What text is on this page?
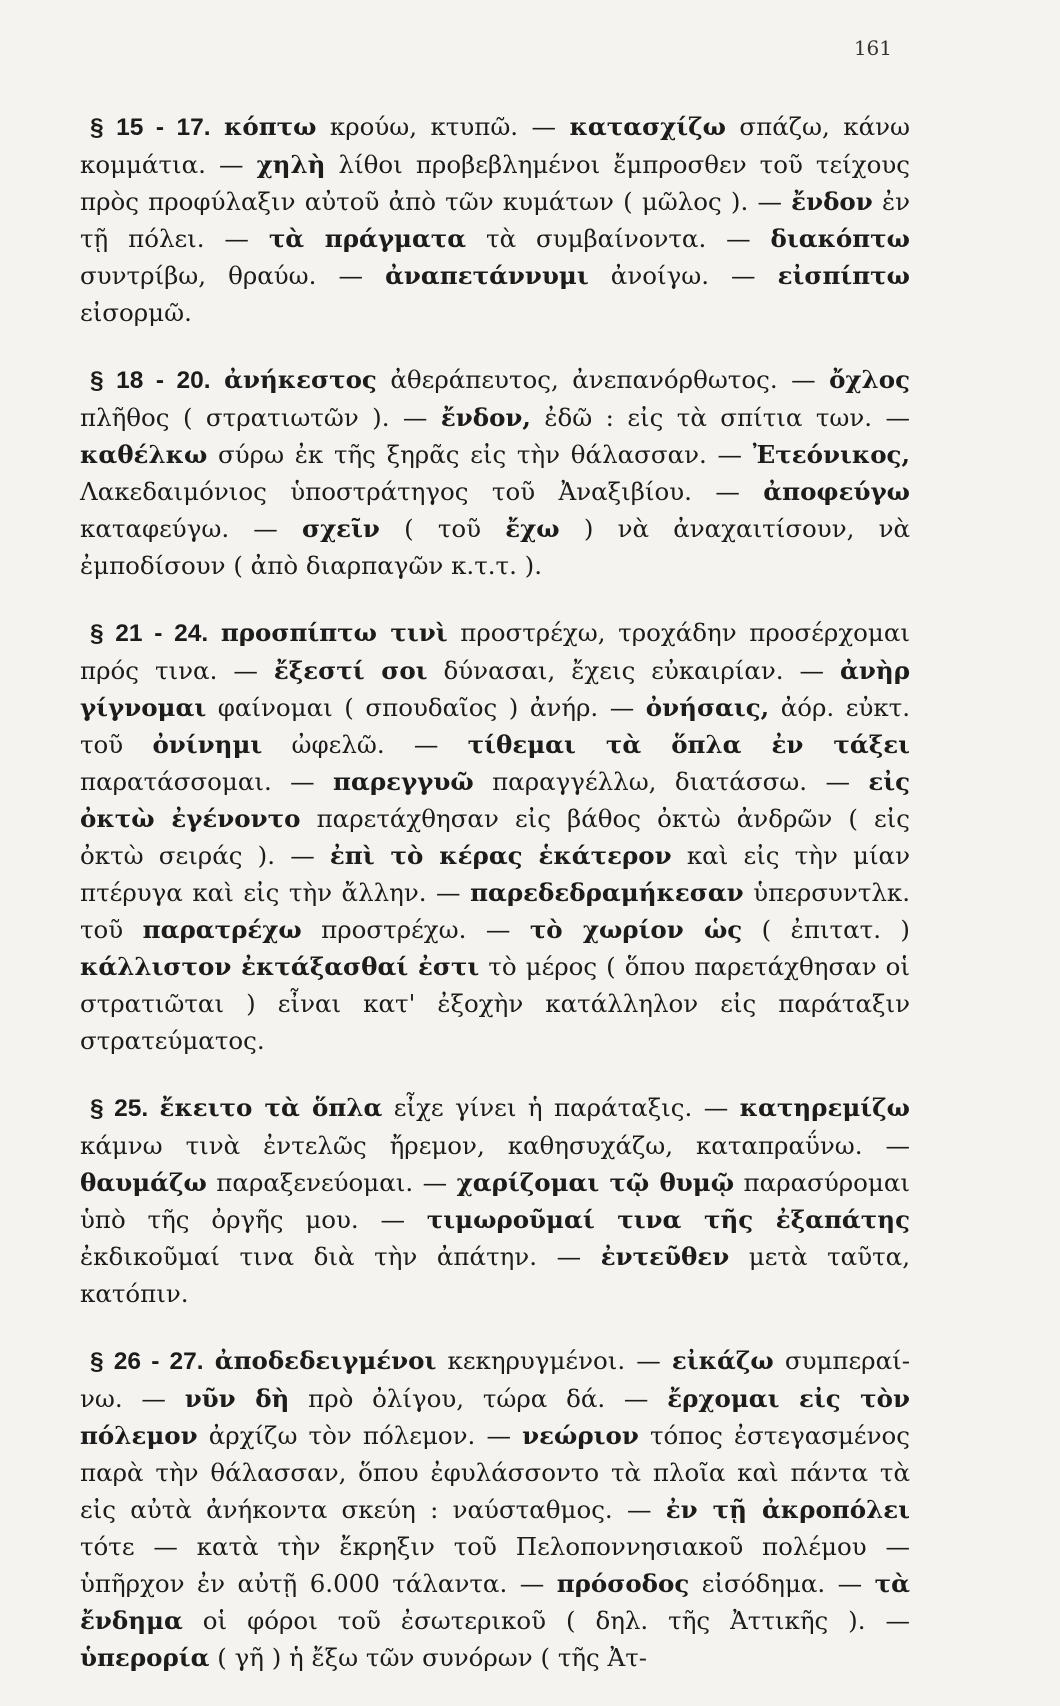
161

§ 15 - 17. κόπτω κρούω, κτυπῶ. — κατασχίζω σπάζω, κάνω κομμάτια. — χηλὴ λίθοι προβεβλημένοι ἔμπροσθεν τοῦ τείχους πρὸς προφύλαξιν αὐτοῦ ἀπὸ τῶν κυμάτων ( μῶλος ). — ἔνδον ἐν τῇ πόλει. — τὰ πράγματα τὰ συμβαίνοντα. — διακόπτω συντρίβω, θραύω. — ἀναπετάννυμι ἀνοίγω. — εἰσπίπτω εἰσορμῶ.

§ 18 - 20. ἀνήκεστος ἀθεράπευτος, ἀνεπανόρθωτος. — ὄχλος πλῆθος ( στρατιωτῶν ). — ἔνδον, ἐδῶ : εἰς τὰ σπίτια των. — καθέλκω σύρω ἐκ τῆς ξηρᾶς εἰς τὴν θάλασσαν. — Ἐτεόνικος, Λακεδαιμόνιος ὑποστράτηγος τοῦ Ἀναξιβίου. — ἀποφεύγω καταφεύγω. — σχεῖν ( τοῦ ἔχω ) νὰ ἀναχαιτίσουν, νὰ ἐμποδίσουν ( ἀπὸ διαρπαγῶν κ.τ.τ. ).

§ 21 - 24. προσπίπτω τινὶ προστρέχω, τροχάδην προσέρχομαι πρός τινα. — ἔξεστί σοι δύνασαι, ἔχεις εὐκαιρίαν. — ἀνὴρ γίγνομαι φαίνομαι ( σπουδαῖος ) ἀνήρ. — ὀνήσαις, ἀόρ. εὐκτ. τοῦ ὀνίνημι ὠφελῶ. — τίθεμαι τὰ ὅπλα ἐν τάξει παρατάσσομαι. — παρεγγυῶ παραγγέλλω, διατάσσω. — εἰς ὀκτὼ ἐγένοντο παρετάχθησαν εἰς βάθος ὀκτὼ ἀνδρῶν ( εἰς ὀκτὼ σειράς ). — ἐπὶ τὸ κέρας ἑκάτερον καὶ εἰς τὴν μίαν πτέρυγα καὶ εἰς τὴν ἄλλην. — παρεδεδραμήκεσαν ὑπερσυντλκ. τοῦ παρατρέχω προστρέχω. — τὸ χωρίον ὡς ( ἐπιτατ. ) κάλλιστον ἐκτάξασθαί ἐστι τὸ μέρος ( ὅπου παρετάχθησαν οἱ στρατιῶται ) εἶναι κατ' ἐξοχὴν κατάλληλον εἰς παράταξιν στρατεύματος.

§ 25. ἔκειτο τὰ ὅπλα εἶχε γίνει ἡ παράταξις. — κατηρεμίζω κάμνω τινὰ ἐντελῶς ἤρεμον, καθησυχάζω, καταπραΰνω. — θαυμάζω παραξενεύομαι. — χαρίζομαι τῷ θυμῷ παρασύρομαι ὑπὸ τῆς ὀργῆς μου. — τιμωροῦμαί τινα τῆς ἐξαπάτης ἐκδικοῦμαί τινα διὰ τὴν ἀπάτην. — ἐντεῦθεν μετὰ ταῦτα, κατόπιν.

§ 26 - 27. ἀποδεδειγμένοι κεκηρυγμένοι. — εἰκάζω συμπεραίνω. — νῦν δὴ πρὸ ὀλίγου, τώρα δά. — ἔρχομαι εἰς τὸν πόλεμον ἀρχίζω τὸν πόλεμον. — νεώριον τόπος ἐστεγασμένος παρὰ τὴν θάλασσαν, ὅπου ἐφυλάσσοντο τὰ πλοῖα καὶ πάντα τὰ εἰς αὐτὰ ἀνήκοντα σκεύη : ναύσταθμος. — ἐν τῇ ἀκροπόλει τότε — κατὰ τὴν ἔκρηξιν τοῦ Πελοποννησιακοῦ πολέμου — ὑπῆρχον ἐν αὐτῇ 6.000 τάλαντα. — πρόσοδος εἰσόδημα. — τὰ ἔνδημα οἱ φόροι τοῦ ἐσωτερικοῦ ( δηλ. τῆς Ἀττικῆς ). — ὑπερορία ( γῆ ) ἡ ἔξω τῶν συνόρων ( τῆς Ἀτ-
